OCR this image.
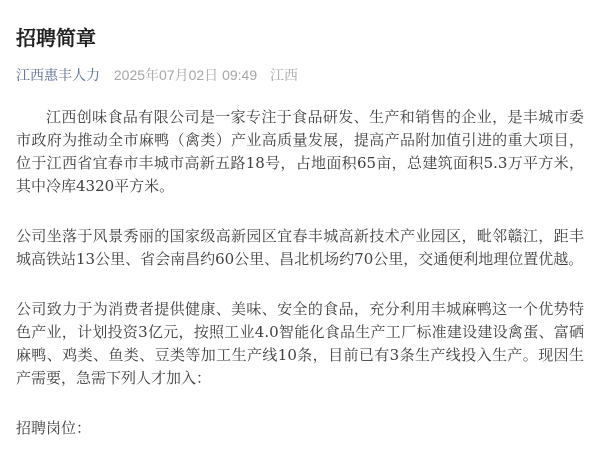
招聘简章
江西惠丰人力 2025年07月02日 09:49 江西

江西创味食品有限公司是一家专注于食品研发、生产和销售的企业，是丰城市委市政府为推动全市麻鸭（禽类）产业高质量发展，提高产品附加值引进的重大项目，位于江西省宜春市丰城市高新五路18号，占地面积65亩，总建筑面积5.3万平方米，其中冷库4320平方米。

公司坐落于风景秀丽的国家级高新园区宜春丰城高新技术产业园区，毗邻赣江，距丰城高铁站13公里、省会南昌约60公里、昌北机场约70公里，交通便利地理位置优越。

公司致力于为消费者提供健康、美味、安全的食品，充分利用丰城麻鸭这一个优势特色产业，计划投资3亿元，按照工业4.0智能化食品生产工厂标准建设建设禽蛋、富硒麻鸭、鸡类、鱼类、豆类等加工生产线10条，目前已有3条生产线投入生产。现因生产需要，急需下列人才加入：

招聘岗位：
